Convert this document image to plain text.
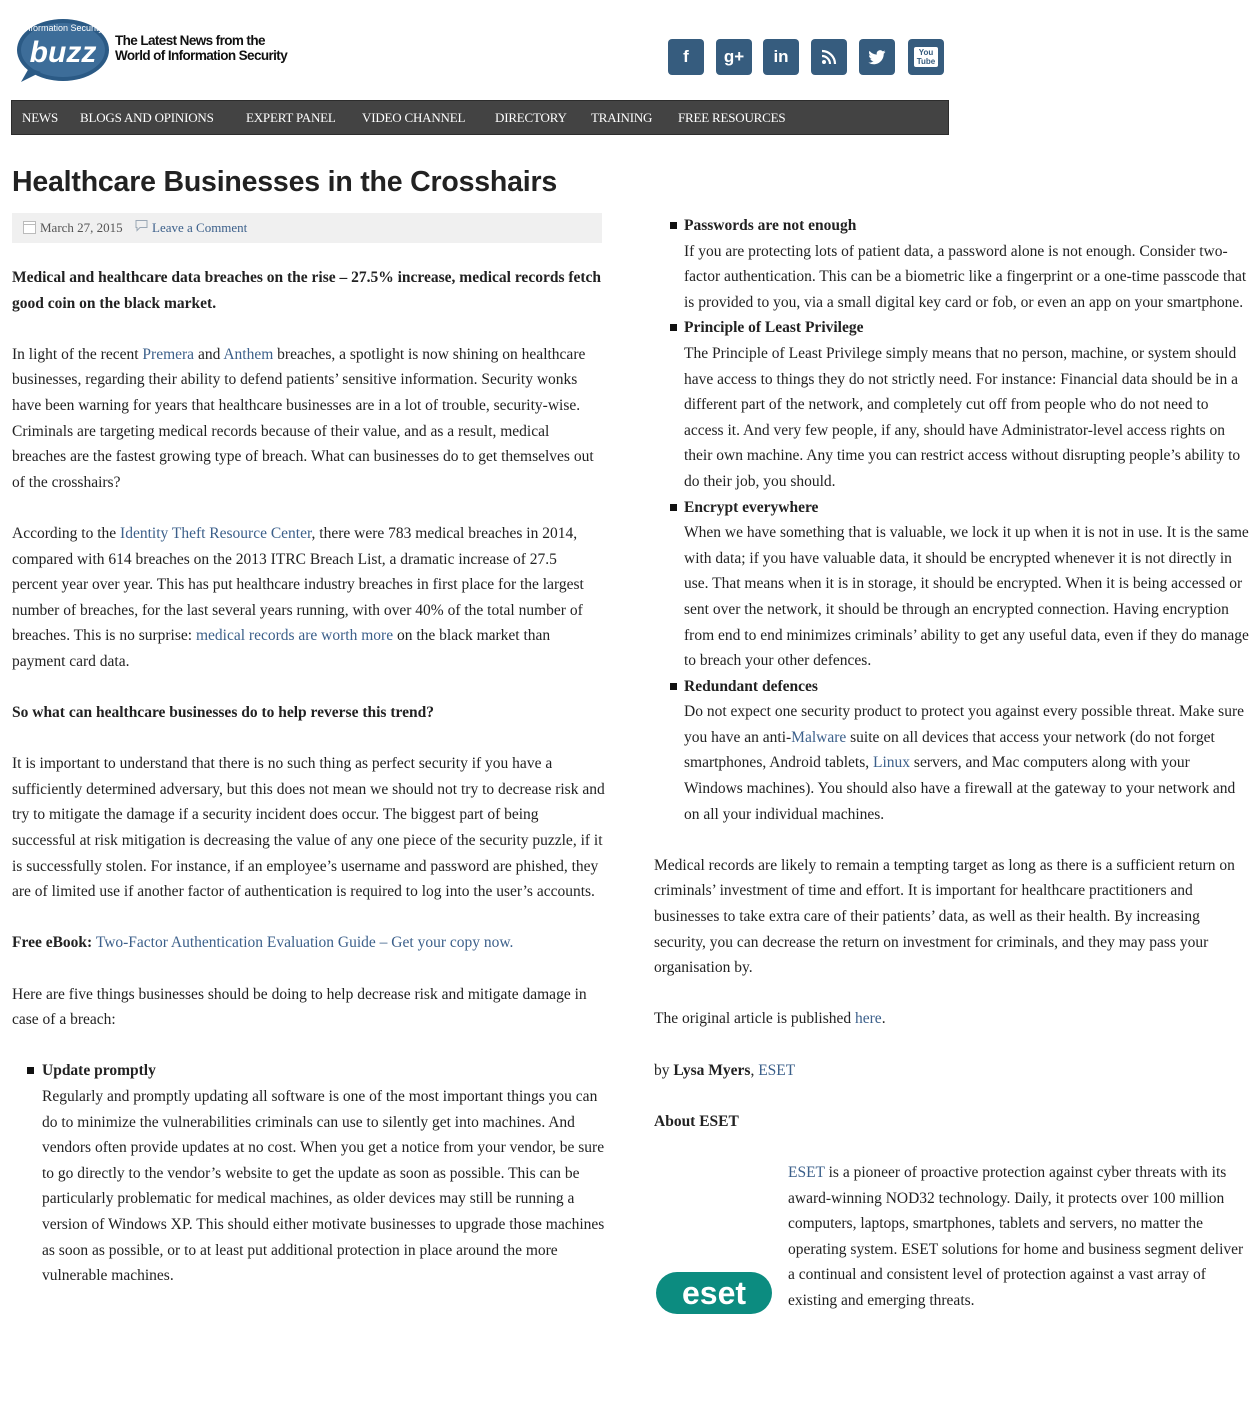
Information Security
buzz The Latest News from the World of Information Security	f g+ in	You Tube
NEWS BLOGS AND OPINIONS EXPERT PANEL VIDEO CHANNEL DIRECTORY TRAINING FREE RESOURCES
Healthcare Businesses in the Crosshairs
March 27, 2015 Leave a Comment

Medical and healthcare data breaches on the rise – 27.5% increase, medical records fetch good coin on the black market.

In light of the recent Premera and Anthem breaches, a spotlight is now shining on healthcare businesses, regarding their ability to defend patients’ sensitive information. Security wonks have been warning for years that healthcare businesses are in a lot of trouble, security-wise. Criminals are targeting medical records because of their value, and as a result, medical breaches are the fastest growing type of breach. What can businesses do to get themselves out of the crosshairs?

According to the Identity Theft Resource Center, there were 783 medical breaches in 2014, compared with 614 breaches on the 2013 ITRC Breach List, a dramatic increase of 27.5 percent year over year. This has put healthcare industry breaches in first place for the largest number of breaches, for the last several years running, with over 40% of the total number of breaches. This is no surprise: medical records are worth more on the black market than payment card data.

So what can healthcare businesses do to help reverse this trend?

It is important to understand that there is no such thing as perfect security if you have a sufficiently determined adversary, but this does not mean we should not try to decrease risk and try to mitigate the damage if a security incident does occur. The biggest part of being successful at risk mitigation is decreasing the value of any one piece of the security puzzle, if it is successfully stolen. For instance, if an employee’s username and password are phished, they are of limited use if another factor of authentication is required to log into the user’s accounts.

Free eBook: Two-Factor Authentication Evaluation Guide – Get your copy now.

Here are five things businesses should be doing to help decrease risk and mitigate damage in case of a breach:

Update promptly
Regularly and promptly updating all software is one of the most important things you can do to minimize the vulnerabilities criminals can use to silently get into machines. And vendors often provide updates at no cost. When you get a notice from your vendor, be sure to go directly to the vendor’s website to get the update as soon as possible. This can be particularly problematic for medical machines, as older devices may still be running a version of Windows XP. This should either motivate businesses to upgrade those machines as soon as possible, or to at least put additional protection in place around the more vulnerable machines.
Passwords are not enough
If you are protecting lots of patient data, a password alone is not enough. Consider two-factor authentication. This can be a biometric like a fingerprint or a one-time passcode that is provided to you, via a small digital key card or fob, or even an app on your smartphone.
Principle of Least Privilege
The Principle of Least Privilege simply means that no person, machine, or system should have access to things they do not strictly need. For instance: Financial data should be in a different part of the network, and completely cut off from people who do not need to access it. And very few people, if any, should have Administrator-level access rights on their own machine. Any time you can restrict access without disrupting people’s ability to do their job, you should.
Encrypt everywhere
When we have something that is valuable, we lock it up when it is not in use. It is the same with data; if you have valuable data, it should be encrypted whenever it is not directly in use. That means when it is in storage, it should be encrypted. When it is being accessed or sent over the network, it should be through an encrypted connection. Having encryption from end to end minimizes criminals’ ability to get any useful data, even if they do manage to breach your other defences.
Redundant defences
Do not expect one security product to protect you against every possible threat. Make sure you have an anti-Malware suite on all devices that access your network (do not forget smartphones, Android tablets, Linux servers, and Mac computers along with your Windows machines). You should also have a firewall at the gateway to your network and on all your individual machines.

Medical records are likely to remain a tempting target as long as there is a sufficient return on criminals’ investment of time and effort. It is important for healthcare practitioners and businesses to take extra care of their patients’ data, as well as their health. By increasing security, you can decrease the return on investment for criminals, and they may pass your organisation by.

The original article is published here.

by Lysa Myers, ESET

About ESET

ESET is a pioneer of proactive protection against cyber threats with its award-winning NOD32 technology. Daily, it protects over 100 million computers, laptops, smartphones, tablets and servers, no matter the operating system. ESET solutions for home and business segment deliver a continual and consistent level of protection against a vast array of existing and emerging threats.

eset
